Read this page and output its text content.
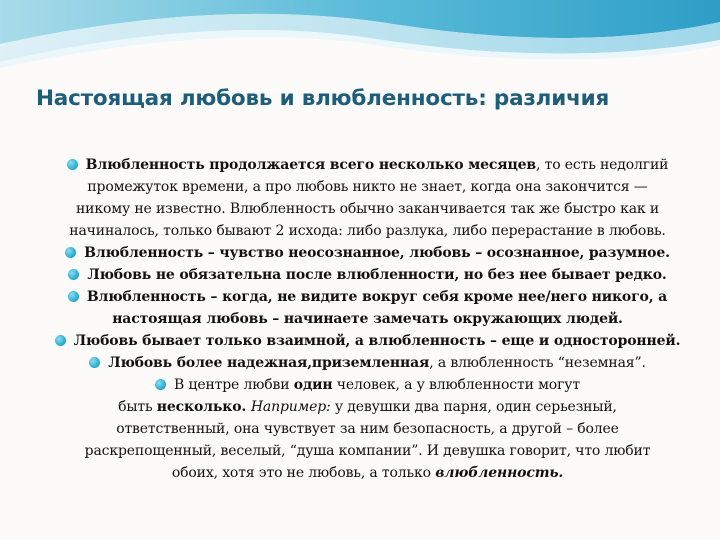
Настоящая любовь и влюбленность: различия
Влюбленность продолжается всего несколько месяцев, то есть недолгий
промежуток времени, а про любовь никто не знает, когда она закончится —
никому не известно. Влюбленность обычно заканчивается так же быстро как и
начиналось, только бывают 2 исхода: либо разлука, либо перерастание в любовь.
Влюбленность – чувство неосознанное, любовь – осознанное, разумное.
Любовь не обязательна после влюбленности, но без нее бывает редко.
Влюбленность – когда, не видите вокруг себя кроме нее/него никого, а
настоящая любовь – начинаете замечать окружающих людей.
Любовь бывает только взаимной, а влюбленность – еще и односторонней.
Любовь более надежная,приземленная, а влюбленность “неземная”.
В центре любви один человек, а у влюбленности могут
быть несколько. Например: у девушки два парня, один серьезный,
ответственный, она чувствует за ним безопасность, а другой – более
раскрепощенный, веселый, “душа компании”. И девушка говорит, что любит
обоих, хотя это не любовь, а только влюбленность.
